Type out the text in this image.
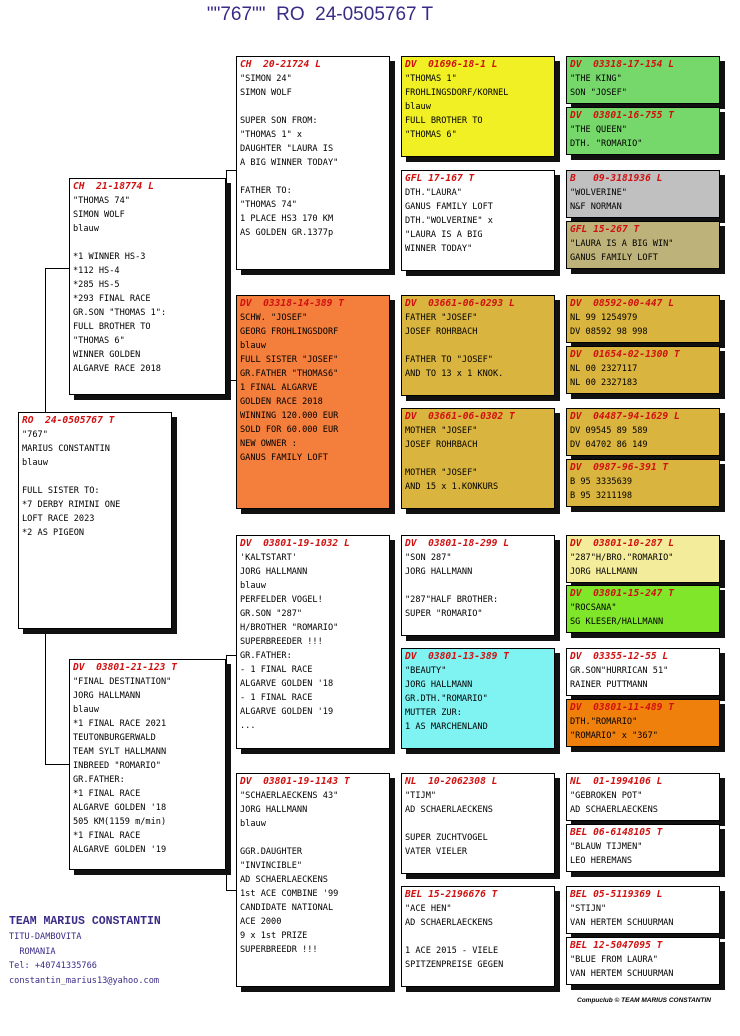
""767""  RO  24-0505767 T
RO  24-0505767 T
"767"
MARIUS CONSTANTIN
blauw

FULL SISTER TO:
*7 DERBY RIMINI ONE
LOFT RACE 2023
*2 AS PIGEON
CH  21-18774 L
"THOMAS 74"
SIMON WOLF
blauw

*1 WINNER HS-3
*112 HS-4
*285 HS-5
*293 FINAL RACE
GR.SON "THOMAS 1":
FULL BROTHER TO
"THOMAS 6"
WINNER GOLDEN
ALGARVE RACE 2018
DV  03801-21-123 T
"FINAL DESTINATION"
JORG HALLMANN
blauw
*1 FINAL RACE 2021
TEUTONBURGERWALD
TEAM SYLT HALLMANN
INBREED "ROMARIO"
GR.FATHER:
*1 FINAL RACE
ALGARVE GOLDEN '18
505 KM(1159 m/min)
*1 FINAL RACE
ALGARVE GOLDEN '19
CH  20-21724 L
"SIMON 24"
SIMON WOLF

SUPER SON FROM:
"THOMAS 1" x
DAUGHTER "LAURA IS
A BIG WINNER TODAY"

FATHER TO:
"THOMAS 74"
1 PLACE HS3 170 KM
AS GOLDEN GR.1377p
DV  03318-14-389 T
SCHW. "JOSEF"
GEORG FROHLINGSDORF
blauw
FULL SISTER "JOSEF"
GR.FATHER "THOMAS6"
1 FINAL ALGARVE
GOLDEN RACE 2018
WINNING 120.000 EUR
SOLD FOR 60.000 EUR
NEW OWNER :
GANUS FAMILY LOFT
DV  03801-19-1032 L
'KALTSTART'
JORG HALLMANN
blauw
PERFELDER VOGEL!
GR.SON "287"
H/BROTHER "ROMARIO"
SUPERBREEDER !!!
GR.FATHER:
- 1 FINAL RACE
ALGARVE GOLDEN '18
- 1 FINAL RACE
ALGARVE GOLDEN '19
...
DV  03801-19-1143 T
"SCHAERLAECKENS 43"
JORG HALLMANN
blauw

GGR.DAUGHTER
"INVINCIBLE"
AD SCHAERLAECKENS
1st ACE COMBINE '99
CANDIDATE NATIONAL
ACE 2000
9 x 1st PRIZE
SUPERBREEDR !!!
DV  01696-18-1 L
"THOMAS 1"
FROHLINGSDORF/KORNEL
blauw
FULL BROTHER TO
"THOMAS 6"
GFL 17-167 T
DTH."LAURA"
GANUS FAMILY LOFT
DTH."WOLVERINE" x
"LAURA IS A BIG
WINNER TODAY"
DV  03661-06-0293 L
FATHER "JOSEF"
JOSEF ROHRBACH

FATHER TO "JOSEF"
AND TO 13 x 1 KNOK.
DV  03661-06-0302 T
MOTHER "JOSEF"
JOSEF ROHRBACH

MOTHER "JOSEF"
AND 15 x 1.KONKURS
DV  03801-18-299 L
"SON 287"
JORG HALLMANN

"287"HALF BROTHER:
SUPER "ROMARIO"
DV  03801-13-389 T
"BEAUTY"
JORG HALLMANN
GR.DTH."ROMARIO"
MUTTER ZUR:
1 AS MARCHENLAND
NL  10-2062308 L
"TIJM"
AD SCHAERLAECKENS

SUPER ZUCHTVOGEL
VATER VIELER
BEL 15-2196676 T
"ACE HEN"
AD SCHAERLAECKENS

1 ACE 2015 - VIELE
SPITZENPREISE GEGEN
DV  03318-17-154 L
"THE KING"
SON "JOSEF"
DV  03801-16-755 T
"THE QUEEN"
DTH. "ROMARIO"
B   09-3181936 L
"WOLVERINE"
N&F NORMAN
GFL 15-267 T
"LAURA IS A BIG WIN"
GANUS FAMILY LOFT
DV  08592-00-447 L
NL 99 1254979
DV 08592 98 998
DV  01654-02-1300 T
NL 00 2327117
NL 00 2327183
DV  04487-94-1629 L
DV 09545 89 589
DV 04702 86 149
DV  0987-96-391 T
B 95 3335639
B 95 3211198
DV  03801-10-287 L
"287"H/BRO."ROMARIO"
JORG HALLMANN
DV  03801-15-247 T
"ROCSANA"
SG KLESER/HALLMANN
DV  03355-12-55 L
GR.SON"HURRICAN 51"
RAINER PUTTMANN
DV  03801-11-489 T
DTH."ROMARIO"
"ROMARIO" x "367"
NL  01-1994106 L
"GEBROKEN POT"
AD SCHAERLAECKENS
BEL 06-6148105 T
"BLAUW TIJMEN"
LEO HEREMANS
BEL 05-5119369 L
"STIJN"
VAN HERTEM SCHUURMAN
BEL 12-5047095 T
"BLUE FROM LAURA"
VAN HERTEM SCHUURMAN
TEAM MARIUS CONSTANTIN
TITU-DAMBOVITA
ROMANIA
Tel: +40741335766
constantin_marius13@yahoo.com
Compuclub © TEAM MARIUS CONSTANTIN
